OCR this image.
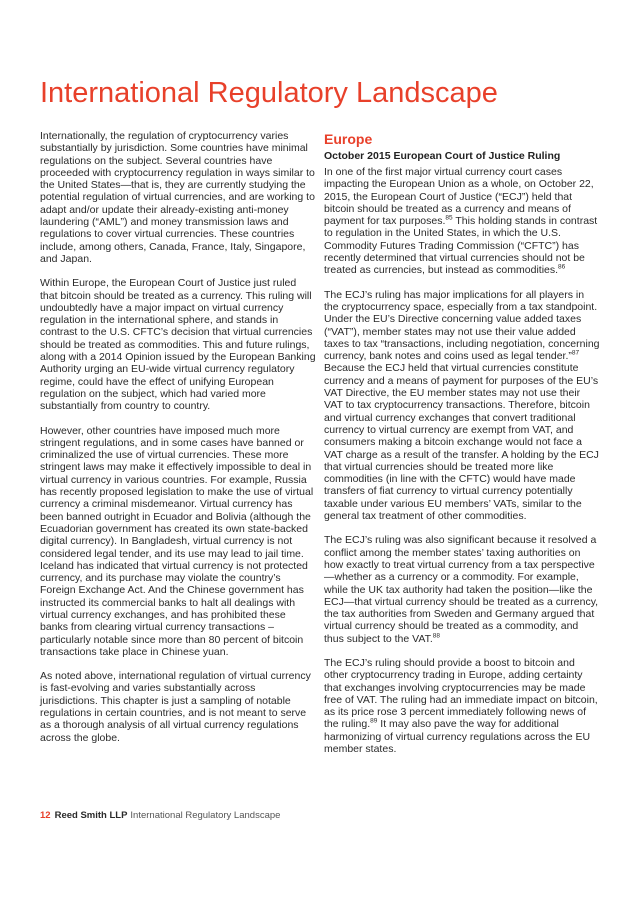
International Regulatory Landscape

Internationally, the regulation of cryptocurrency varies substantially by jurisdiction. Some countries have minimal regulations on the subject. Several countries have proceeded with cryptocurrency regulation in ways similar to the United States—that is, they are currently studying the potential regulation of virtual currencies, and are working to adapt and/or update their already-existing anti-money laundering (“AML”) and money transmission laws and regulations to cover virtual currencies. These countries include, among others, Canada, France, Italy, Singapore, and Japan.

Within Europe, the European Court of Justice just ruled that bitcoin should be treated as a currency. This ruling will undoubtedly have a major impact on virtual currency regulation in the international sphere, and stands in contrast to the U.S. CFTC’s decision that virtual currencies should be treated as commodities. This and future rulings, along with a 2014 Opinion issued by the European Banking Authority urging an EU-wide virtual currency regulatory regime, could have the effect of unifying European regulation on the subject, which had varied more substantially from country to country.

However, other countries have imposed much more stringent regulations, and in some cases have banned or criminalized the use of virtual currencies. These more stringent laws may make it effectively impossible to deal in virtual currency in various countries. For example, Russia has recently proposed legislation to make the use of virtual currency a criminal misdemeanor. Virtual currency has been banned outright in Ecuador and Bolivia (although the Ecuadorian government has created its own state-backed digital currency). In Bangladesh, virtual currency is not considered legal tender, and its use may lead to jail time. Iceland has indicated that virtual currency is not protected currency, and its purchase may violate the country’s Foreign Exchange Act. And the Chinese government has instructed its commercial banks to halt all dealings with virtual currency exchanges, and has prohibited these banks from clearing virtual currency transactions – particularly notable since more than 80 percent of bitcoin transactions take place in Chinese yuan.

As noted above, international regulation of virtual currency is fast-evolving and varies substantially across jurisdictions. This chapter is just a sampling of notable regulations in certain countries, and is not meant to serve as a thorough analysis of all virtual currency regulations across the globe.

Europe
October 2015 European Court of Justice Ruling

In one of the first major virtual currency court cases impacting the European Union as a whole, on October 22, 2015, the European Court of Justice (“ECJ”) held that bitcoin should be treated as a currency and means of payment for tax purposes.$^{85}$ This holding stands in contrast to regulation in the United States, in which the U.S. Commodity Futures Trading Commission (“CFTC”) has recently determined that virtual currencies should not be treated as currencies, but instead as commodities.$^{86}$

The ECJ’s ruling has major implications for all players in the cryptocurrency space, especially from a tax standpoint. Under the EU’s Directive concerning value added taxes (“VAT”), member states may not use their value added taxes to tax “transactions, including negotiation, concerning currency, bank notes and coins used as legal tender.”$^{87}$ Because the ECJ held that virtual currencies constitute currency and a means of payment for purposes of the EU’s VAT Directive, the EU member states may not use their VAT to tax cryptocurrency transactions. Therefore, bitcoin and virtual currency exchanges that convert traditional currency to virtual currency are exempt from VAT, and consumers making a bitcoin exchange would not face a VAT charge as a result of the transfer. A holding by the ECJ that virtual currencies should be treated more like commodities (in line with the CFTC) would have made transfers of fiat currency to virtual currency potentially taxable under various EU members’ VATs, similar to the general tax treatment of other commodities.

The ECJ’s ruling was also significant because it resolved a conflict among the member states’ taxing authorities on how exactly to treat virtual currency from a tax perspective—whether as a currency or a commodity. For example, while the UK tax authority had taken the position—like the ECJ—that virtual currency should be treated as a currency, the tax authorities from Sweden and Germany argued that virtual currency should be treated as a commodity, and thus subject to the VAT.$^{88}$

The ECJ’s ruling should provide a boost to bitcoin and other cryptocurrency trading in Europe, adding certainty that exchanges involving cryptocurrencies may be made free of VAT. The ruling had an immediate impact on bitcoin, as its price rose 3 percent immediately following news of the ruling.$^{89}$ It may also pave the way for additional harmonizing of virtual currency regulations across the EU member states.

12 Reed Smith LLP International Regulatory Landscape
